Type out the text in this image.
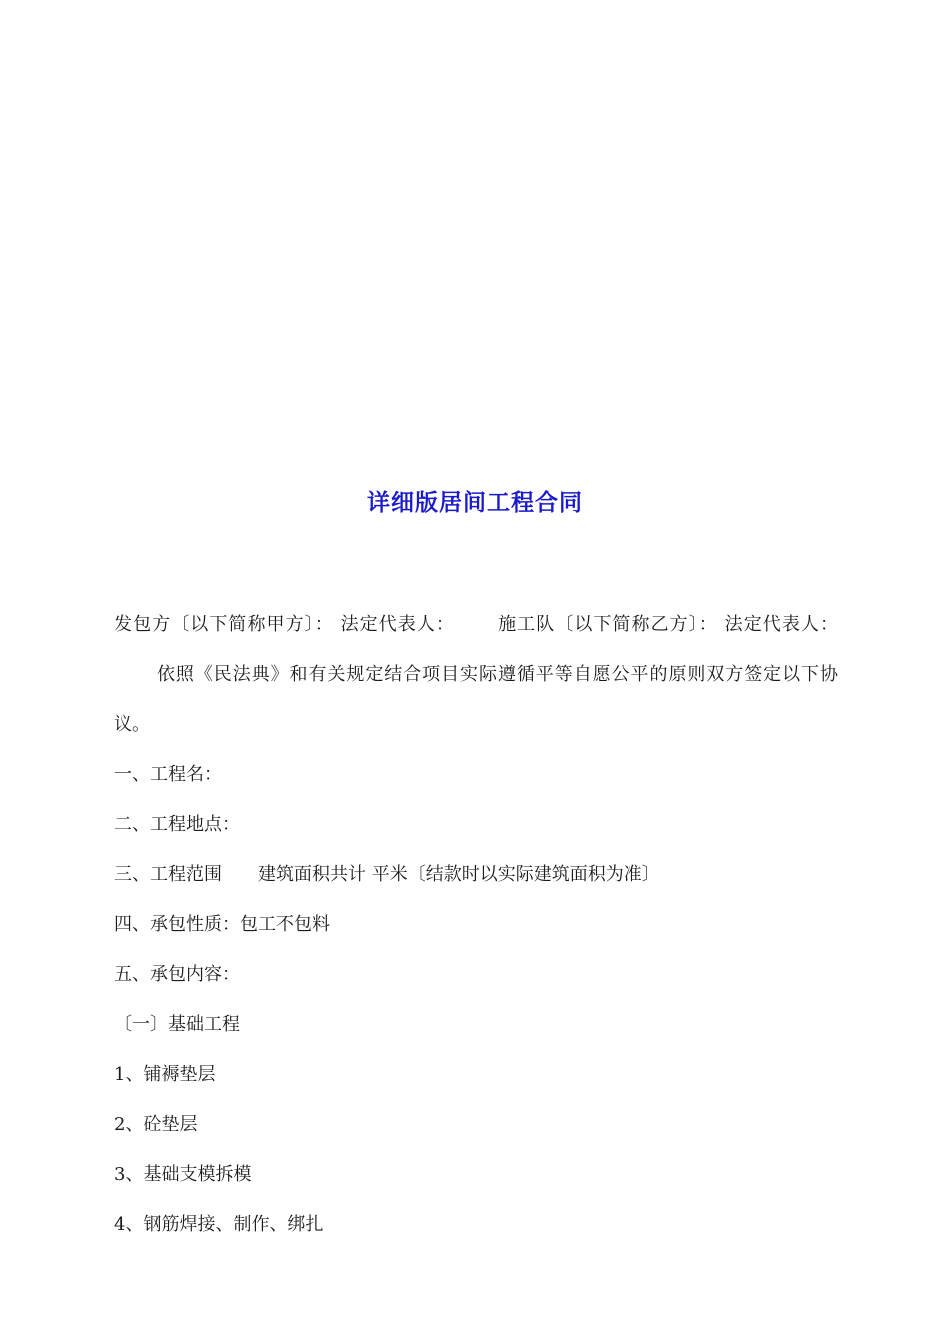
详细版居间工程合同

发包方〔以下简称甲方〕： 法定代表人： 施工队〔以下简称乙方〕： 法定代表人：依照《民法典》和有关规定结合项目实际遵循平等自愿公平的原则双方签定以下协议。

一、工程名：

二、工程地点：

三、工程范围 建筑面积共计 平米〔结款时以实际建筑面积为准〕

四、承包性质：包工不包料

五、承包内容：

〔一〕基础工程

1、铺褥垫层

2、砼垫层

3、基础支模拆模

4、钢筋焊接、制作、绑扎
